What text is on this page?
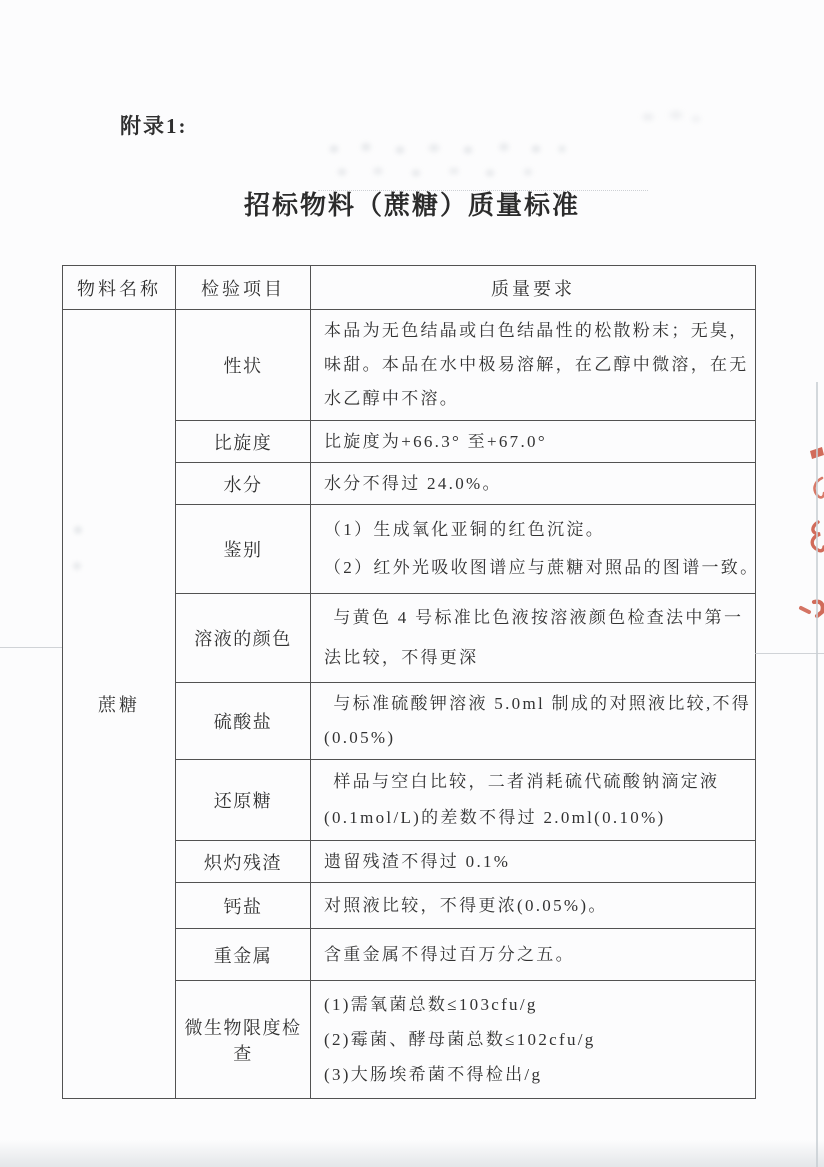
附录1:
招标物料（蔗糖）质量标准
物料名称	检验项目	质量要求
蔗糖	性状	本品为无色结晶或白色结晶性的松散粉末；无臭，
味甜。本品在水中极易溶解，在乙醇中微溶，在无
水乙醇中不溶。

	比旋度	比旋度为+66.3° 至+67.0°

	水分	水分不得过 24.0%。

	鉴别	（1）生成氧化亚铜的红色沉淀。
（2）红外光吸收图谱应与蔗糖对照品的图谱一致。

	溶液的颜色	与黄色 4 号标准比色液按溶液颜色检查法中第一
法比较，不得更深

	硫酸盐	与标准硫酸钾溶液 5.0ml 制成的对照液比较,不得
(0.05%)

	还原糖	样品与空白比较，二者消耗硫代硫酸钠滴定液
(0.1mol/L)的差数不得过 2.0ml(0.10%)

	炽灼残渣	遗留残渣不得过 0.1%

	钙盐	对照液比较，不得更浓(0.05%)。

	重金属	含重金属不得过百万分之五。

	微生物限度检查	(1)需氧菌总数≤103cfu/g
(2)霉菌、酵母菌总数≤102cfu/g
(3)大肠埃希菌不得检出/g
